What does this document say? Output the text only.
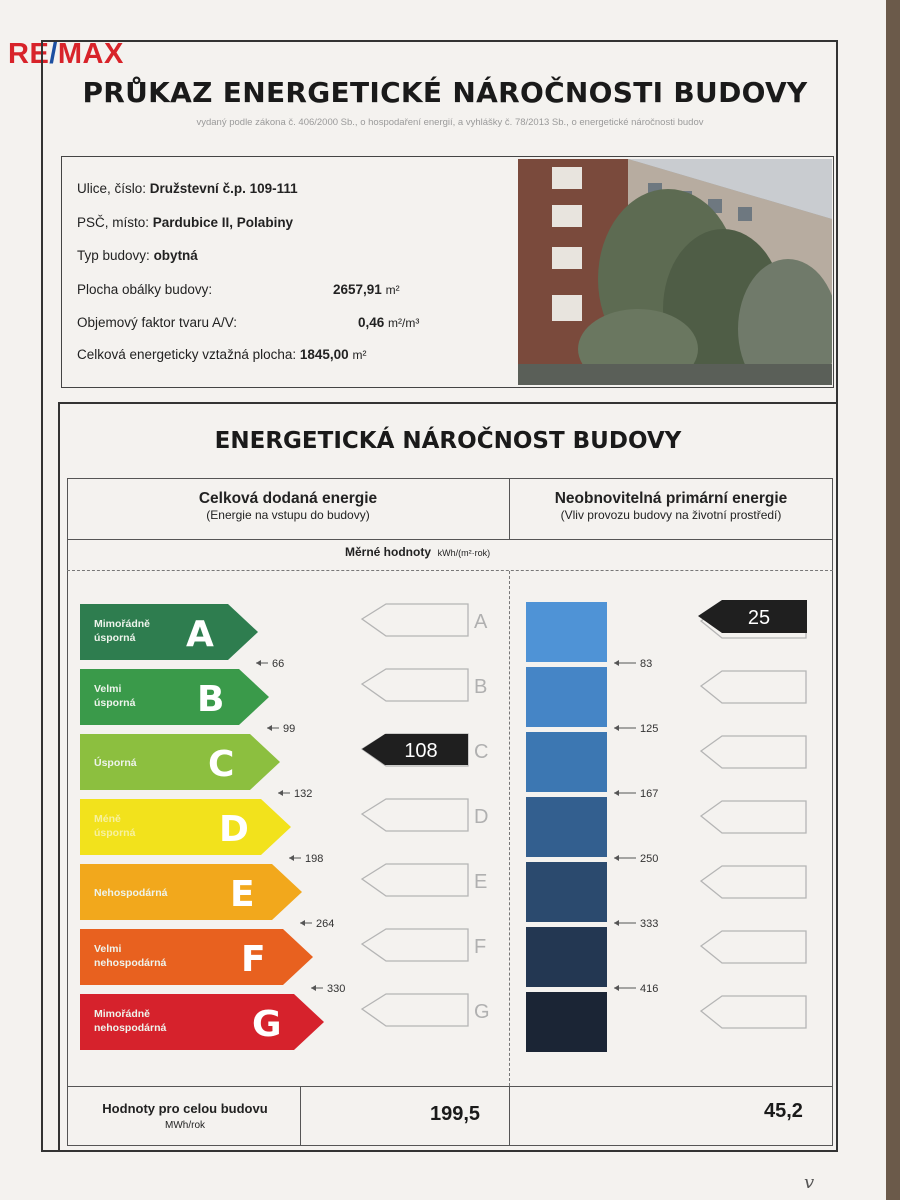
RE/MAX
PRŮKAZ ENERGETICKÉ NÁROČNOSTI BUDOVY
vydaný podle zákona č. 406/2000 Sb., o hospodaření energií, a vyhlášky č. 78/2013 Sb., o energetické náročnosti budov
Ulice, číslo: Družstevní č.p. 109-111
PSČ, místo: Pardubice II, Polabiny
Typ budovy: obytná
Plocha obálky budovy:	2657,91 m²
Objemový faktor tvaru A/V:	0,46 m²/m³
Celková energeticky vztažná plocha: 1845,00 m²
ENERGETICKÁ NÁROČNOST BUDOVY
Celková dodaná energie
(Energie na vstupu do budovy)
Neobnovitelná primární energie
(Vliv provozu budovy na životní prostředí)
Měrné hodnoty kWh/(m²·rok)
Mimořádně
úsporná A	A
Velmi
úsporná B	B
Úsporná C	C
Méně
úsporná D	D
Nehospodárná E	E
Velmi
nehospodárná F	F
Mimořádně
nehospodárná G	G
66
99
132
198
264
330
83
125
167
250
333
416
108
25
Hodnoty pro celou budovu
MWh/rok
199,5	45,2
v
